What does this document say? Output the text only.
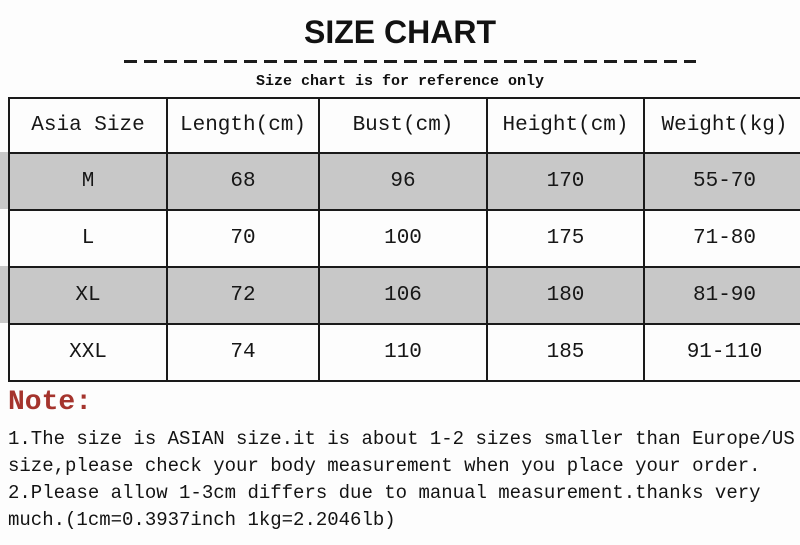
SIZE CHART
Size chart is for reference only
Asia Size	Length(cm)	Bust(cm)	Height(cm)	Weight(kg)
M	68	96	170	55-70
L	70	100	175	71-80
XL	72	106	180	81-90
XXL	74	110	185	91-110
Note:
1.The size is ASIAN size.it is about 1-2 sizes smaller than Europe/US
size,please check your body measurement when you place your order.
2.Please allow 1-3cm differs due to manual measurement.thanks very
much.(1cm=0.3937inch 1kg=2.2046lb)
